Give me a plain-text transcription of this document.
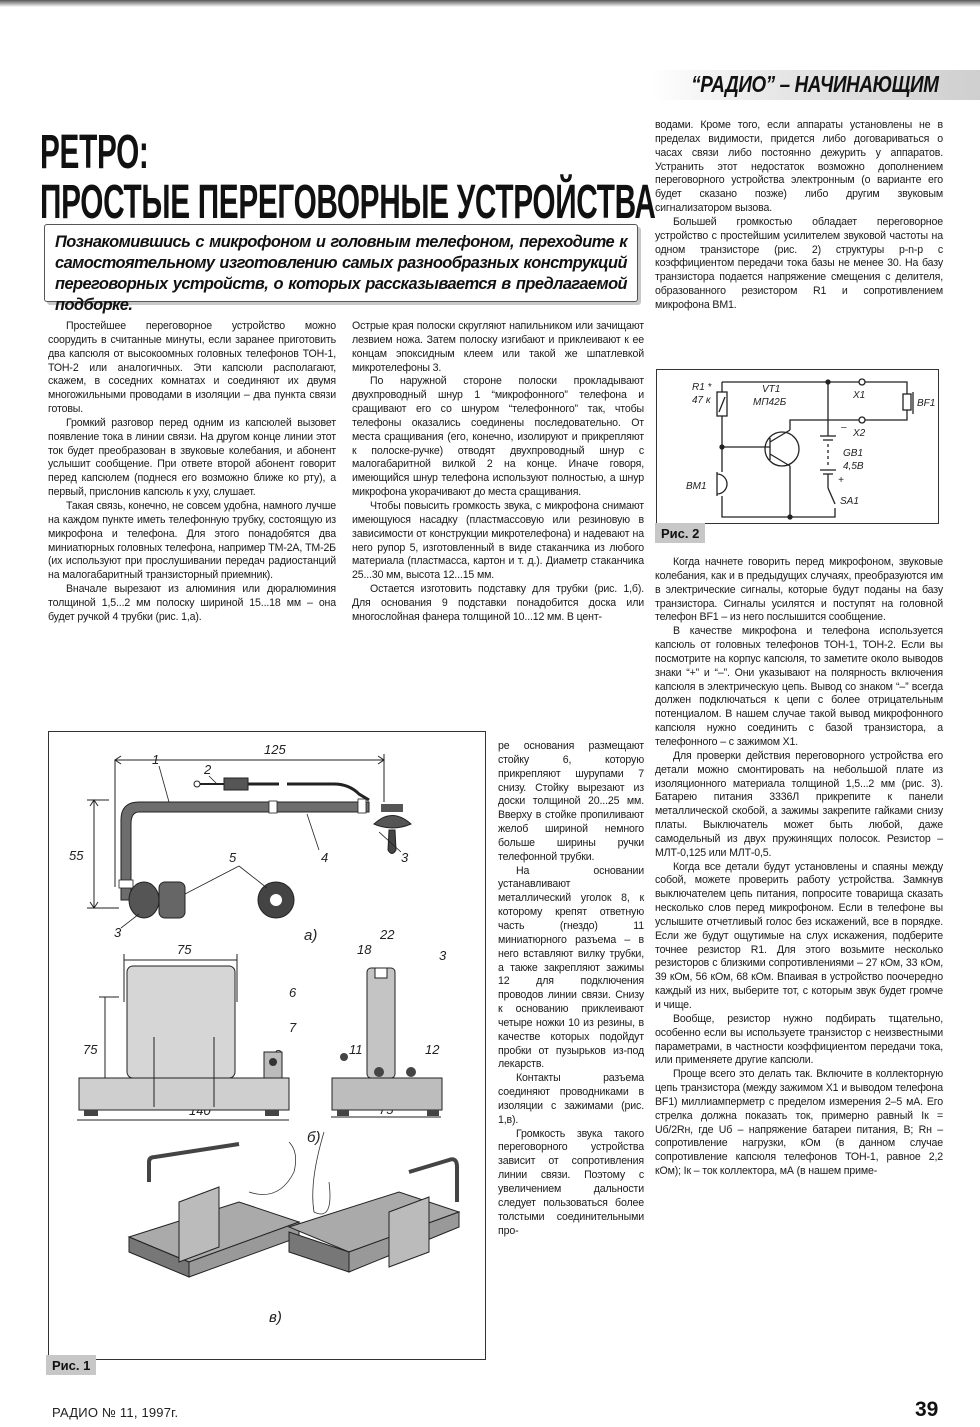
“РАДИО” – НАЧИНАЮЩИМ
РЕТРО:
ПРОСТЫЕ ПЕРЕГОВОРНЫЕ УСТРОЙСТВА
Познакомившись с микрофоном и головным телефоном, переходите к самостоятельному изготовлению самых разнообразных конструкций переговорных устройств, о которых рассказывается в предлагаемой подборке.

Простейшее переговорное устройство можно соорудить в считанные минуты, если заранее приготовить два капсюля от высокоомных головных телефонов ТОН-1, ТОН-2 или аналогичных. Эти капсюли располагают, скажем, в соседних комнатах и соединяют их двумя многожильными проводами в изоляции – два пункта связи готовы.

Громкий разговор перед одним из капсюлей вызовет появление тока в линии связи. На другом конце линии этот ток будет преобразован в звуковые колебания, и абонент услышит сообщение. При ответе второй абонент говорит перед капсюлем (поднеся его возможно ближе ко рту), а первый, прислонив капсюль к уху, слушает.

Такая связь, конечно, не совсем удобна, намного лучше на каждом пункте иметь телефонную трубку, состоящую из микрофона и телефона. Для этого понадобятся два миниатюрных головных телефона, например ТМ-2А, ТМ-2Б (их используют при прослушивании передач радиостанций на малогабаритный транзисторный приемник).

Вначале вырезают из алюминия или дюралюминия толщиной 1,5...2 мм полоску шириной 15...18 мм – она будет ручкой 4 трубки (рис. 1,а).

Острые края полоски скругляют напильником или зачищают лезвием ножа. Затем полоску изгибают и приклеивают к ее концам эпоксидным клеем или такой же шпатлевкой микротелефоны 3.

По наружной стороне полоски прокладывают двухпроводный шнур 1 “микрофонного” телефона и сращивают его со шнуром “телефонного” так, чтобы телефоны оказались соединены последовательно. От места сращивания (его, конечно, изолируют и прикрепляют к полоске-ручке) отводят двухпроводный шнур с малогабаритной вилкой 2 на конце. Иначе говоря, имеющийся шнур телефона используют полностью, а шнур микрофона укорачивают до места сращивания.

Чтобы повысить громкость звука, с микрофона снимают имеющуюся насадку (пластмассовую или резиновую в зависимости от конструкции микротелефона) и надевают на него рупор 5, изготовленный в виде стаканчика из любого материала (пластмасса, картон и т. д.). Диаметр стаканчика 25...30 мм, высота 12...15 мм.

Остается изготовить подставку для трубки (рис. 1,б). Для основания 9 подставки понадобится доска или многослойная фанера толщиной 10...12 мм. В цент-

ре основания размещают стойку 6, которую прикрепляют шурупами 7 снизу. Стойку вырезают из доски толщиной 20...25 мм. Вверху в стойке пропиливают желоб шириной немного больше ширины ручки телефонной трубки.

На основании устанавливают металлический уголок 8, к которому крепят ответную часть (гнездо) 11 миниатюрного разъема – в него вставляют вилку трубки, а также закрепляют зажимы 12 для подключения проводов линии связи. Снизу к основанию приклеивают четыре ножки 10 из резины, в качестве которых подойдут пробки от пузырьков из-под лекарств.

Контакты разъема соединяют проводниками в изоляции с зажимами (рис. 1,в).

Громкость звука такого переговорного устройства зависит от сопротивления линии связи. Поэтому с увеличением дальности следует пользоваться более толстыми соединительными про-

водами. Кроме того, если аппараты установлены не в пределах видимости, придется либо договариваться о часах связи либо постоянно дежурить у аппаратов. Устранить этот недостаток возможно дополнением переговорного устройства электронным (о варианте его будет сказано позже) либо другим звуковым сигнализатором вызова.

Большей громкостью обладает переговорное устройство с простейшим усилителем звуковой частоты на одном транзисторе (рис. 2) структуры p-n-p с коэффициентом передачи тока базы не менее 30. На базу транзистора подается напряжение смещения с делителя, образованного резистором R1 и сопротивлением микрофона BM1.

Когда начнете говорить перед микрофоном, звуковые колебания, как и в предыдущих случаях, преобразуются им в электрические сигналы, которые будут поданы на базу транзистора. Сигналы усилятся и поступят на головной телефон BF1 – из него послышится сообщение.

В качестве микрофона и телефона используется капсюль от головных телефонов ТОН-1, ТОН-2. Если вы посмотрите на корпус капсюля, то заметите около выводов знаки “+” и “–”. Они указывают на полярность включения капсюля в электрическую цепь. Вывод со знаком “–” всегда должен подключаться к цепи с более отрицательным потенциалом. В нашем случае такой вывод микрофонного капсюля нужно соединить с базой транзистора, а телефонного – с зажимом X1.

Для проверки действия переговорного устройства его детали можно смонтировать на небольшой плате из изоляционного материала толщиной 1,5...2 мм (рис. 3). Батарею питания 3336Л прикрепите к панели металлической скобой, а зажимы закрепите гайками снизу платы. Выключатель может быть любой, даже самодельный из двух пружинящих полосок. Резистор – МЛТ-0,125 или МЛТ-0,5.

Когда все детали будут установлены и спаяны между собой, можете проверить работу устройства. Замкнув выключателем цепь питания, попросите товарища сказать несколько слов перед микрофоном. Если в телефоне вы услышите отчетливый голос без искажений, все в порядке. Если же будут ощутимые на слух искажения, подберите точнее резистор R1. Для этого возьмите несколько резисторов с близкими сопротивлениями – 27 кОм, 33 кОм, 39 кОм, 56 кОм, 68 кОм. Впаивая в устройство поочередно каждый из них, выберите тот, с которым звук будет громче и чище.

Вообще, резистор нужно подбирать тщательно, особенно если вы используете транзистор с неизвестными параметрами, в частности коэффициентом передачи тока, или применяете другие капсюли.

Проще всего это делать так. Включите в коллекторную цепь транзистора (между зажимом X1 и выводом телефона BF1) миллиамперметр с пределом измерения 2–5 мА. Его стрелка должна показать ток, примерно равный Iк = Uб/2Rн, где Uб – напряжение батареи питания, В; Rн – сопротивление нагрузки, кОм (в данном случае сопротивление капсюля телефонов ТОН-1, равное 2,2 кОм); Iк – ток коллектора, мА (в нашем приме-

R1 *
47 к
VT1
МП42Б
X1
X2
–
BF1
GB1
4,5В
+
BM1
SA1
Рис. 2
125
55
1
2
3
3
4
5
а)
75
75
22
18	3
6
7
11	12
б)
в)
Рис. 1
РАДИО № 11, 1997г.	39
